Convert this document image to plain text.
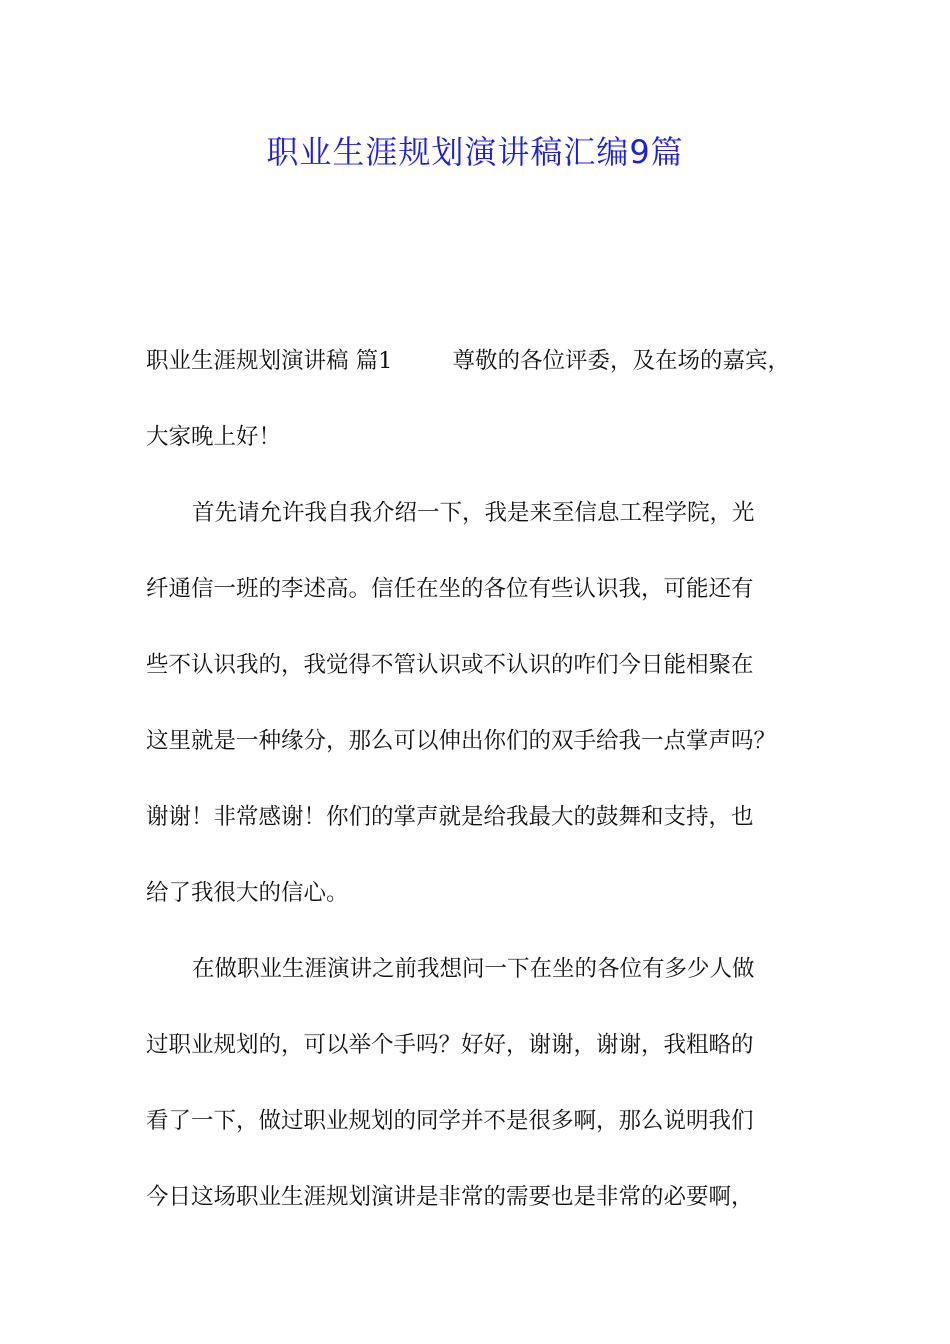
职业生涯规划演讲稿汇编9篇
职业生涯规划演讲稿 篇1	尊敬的各位评委，及在场的嘉宾，
大家晚上好！
首先请允许我自我介绍一下，我是来至信息工程学院，光
纤通信一班的李述高。信任在坐的各位有些认识我，可能还有
些不认识我的，我觉得不管认识或不认识的咋们今日能相聚在
这里就是一种缘分，那么可以伸出你们的双手给我一点掌声吗？
谢谢！非常感谢！你们的掌声就是给我最大的鼓舞和支持，也
给了我很大的信心。
在做职业生涯演讲之前我想问一下在坐的各位有多少人做
过职业规划的，可以举个手吗？好好，谢谢，谢谢，我粗略的
看了一下，做过职业规划的同学并不是很多啊，那么说明我们
今日这场职业生涯规划演讲是非常的需要也是非常的必要啊，
